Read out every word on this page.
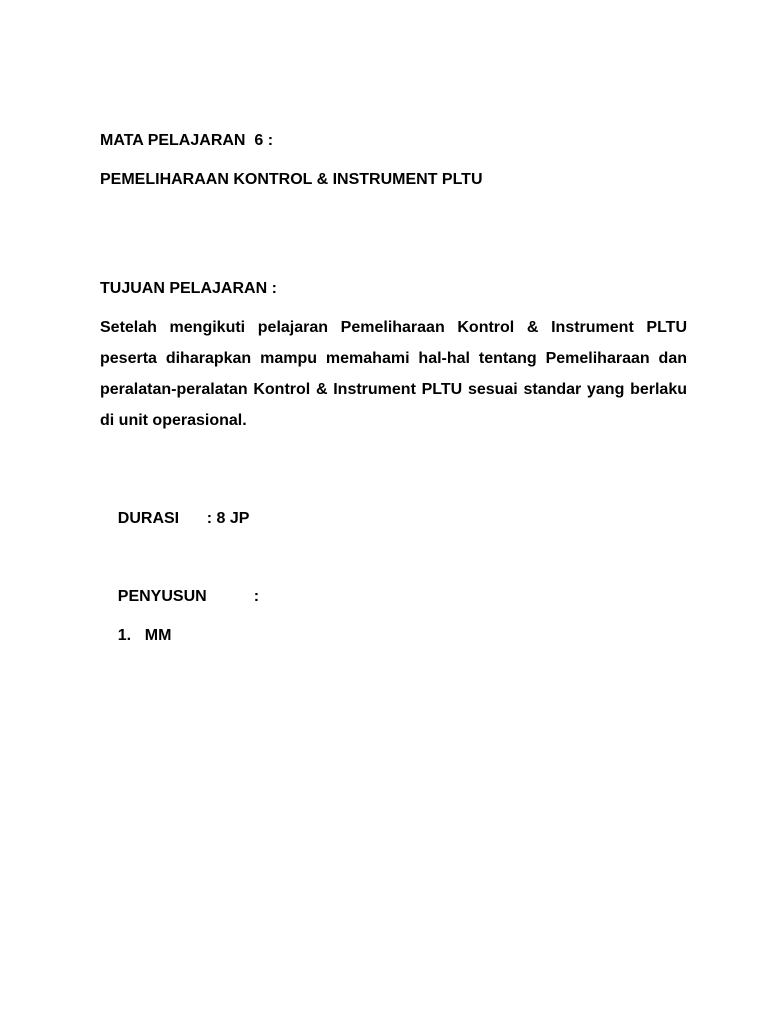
MATA PELAJARAN  6 :
PEMELIHARAAN KONTROL & INSTRUMENT PLTU
TUJUAN PELAJARAN :
Setelah mengikuti pelajaran Pemeliharaan Kontrol & Instrument PLTU peserta diharapkan mampu memahami hal-hal tentang Pemeliharaan dan peralatan-peralatan Kontrol & Instrument PLTU sesuai standar yang berlaku di unit operasional.

DURASI : 8 JP

PENYUSUN	:

1. MM
